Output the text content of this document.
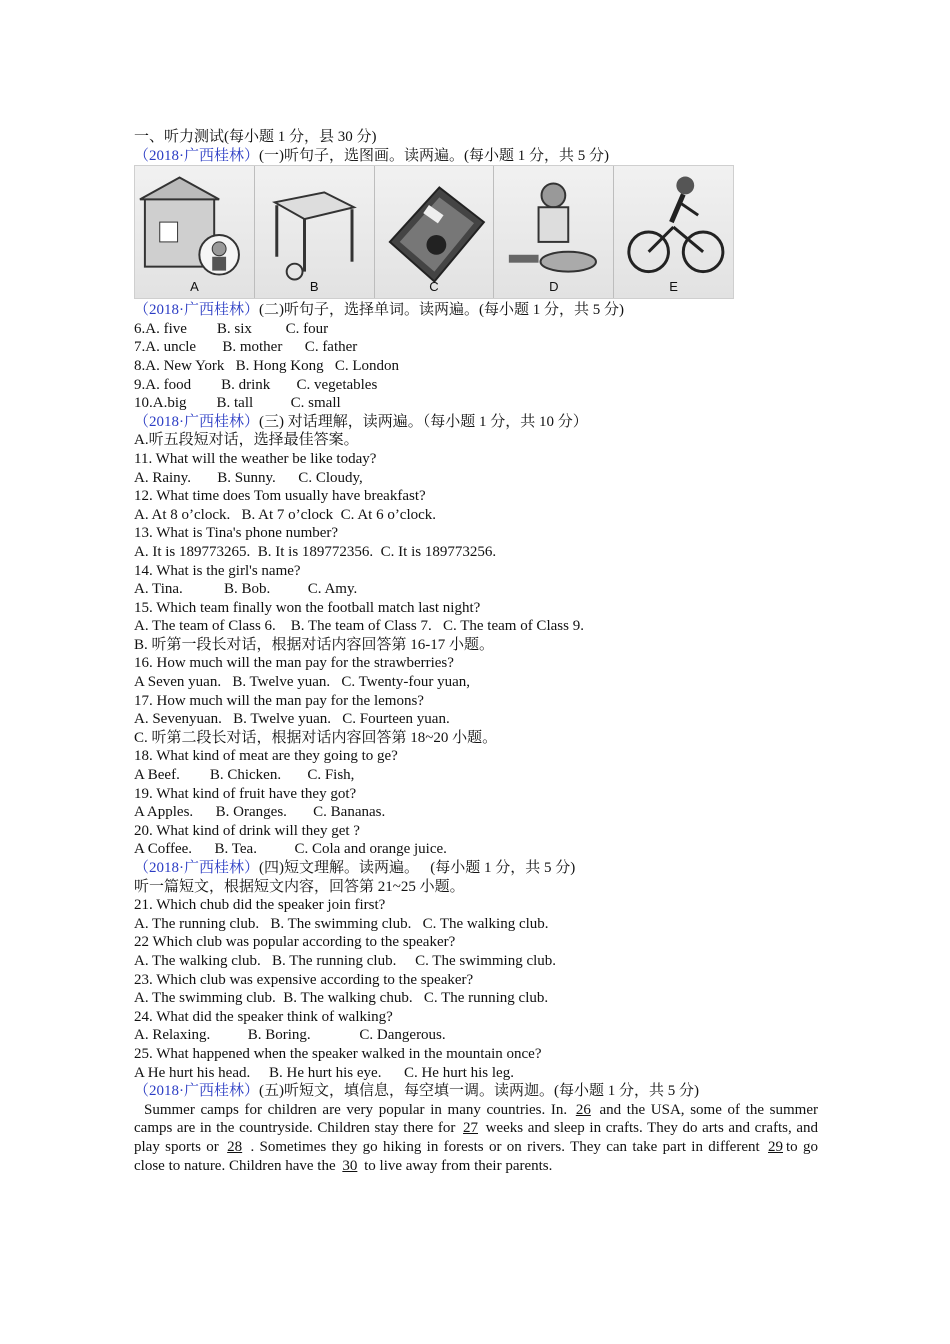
一、听力测试(每小题 1 分，县 30 分)
（2018·广西桂林）(一)听句子，选图画。读两遍。(每小题 1 分，共 5 分)
A	B	C	D	E
（2018·广西桂林）(二)听句子，选择单词。读两遍。(每小题 1 分，共 5 分)
6.A. five        B. six         C. four
7.A. uncle       B. mother      C. father
8.A. New York   B. Hong Kong   C. London
9.A. food        B. drink       C. vegetables
10.A.big        B. tall          C. small
（2018·广西桂林）(三) 对话理解，读两遍。（每小题 1 分，共 10 分）
A.听五段短对话，选择最佳答案。
11. What will the weather be like today?
A. Rainy.       B. Sunny.      C. Cloudy,
12. What time does Tom usually have breakfast?
A. At 8 o’clock.   B. At 7 o’clock  C. At 6 o’clock.
13. What is Tina's phone number?
A. It is 189773265.  B. It is 189772356.  C. It is 189773256.
14. What is the girl's name?
A. Tina.           B. Bob.          C. Amy.
15. Which team finally won the football match last night?
A. The team of Class 6.    B. The team of Class 7.   C. The team of Class 9.
B. 听第一段长对话，根据对话内容回答第 16-17 小题。
16. How much will the man pay for the strawberries?
A Seven yuan.   B. Twelve yuan.   C. Twenty-four yuan,
17. How much will the man pay for the lemons?
A. Sevenyuan.   B. Twelve yuan.   C. Fourteen yuan.
C. 听第二段长对话，根据对话内容回答第 18~20 小题。
18. What kind of meat are they going to ge?
A Beef.        B. Chicken.       C. Fish,
19. What kind of fruit have they got?
A Apples.      B. Oranges.       C. Bananas.
20. What kind of drink will they get ?
A Coffee.      B. Tea.          C. Cola and orange juice.
（2018·广西桂林）(四)短文理解。读两遍。   (每小题 1 分，共 5 分)
听一篇短文，根据短文内容，回答第 21~25 小题。
21. Which chub did the speaker join first?
A. The running club.   B. The swimming club.   C. The walking club.
22 Which club was popular according to the speaker?
A. The walking club.   B. The running club.     C. The swimming club.
23. Which club was expensive according to the speaker?
A. The swimming club.  B. The walking chub.   C. The running club.
24. What did the speaker think of walking?
A. Relaxing.          B. Boring.             C. Dangerous.
25. What happened when the speaker walked in the mountain once?
A He hurt his head.     B. He hurt his eye.      C. He hurt his leg.
（2018·广西桂林）(五)听短文，填信息，每空填一调。读两迦。(每小题 1 分，共 5 分)
Summer camps for children are very popular in many countries. In. 26 and the USA, some of the summer camps are in the countryside. Children stay there for 27 weeks and sleep in crafts. They do arts and crafts, and play sports or 28 . Sometimes they go hiking in forests or on rivers. They can take part in different 29 to go close to nature. Children have the 30 to live away from their parents.
